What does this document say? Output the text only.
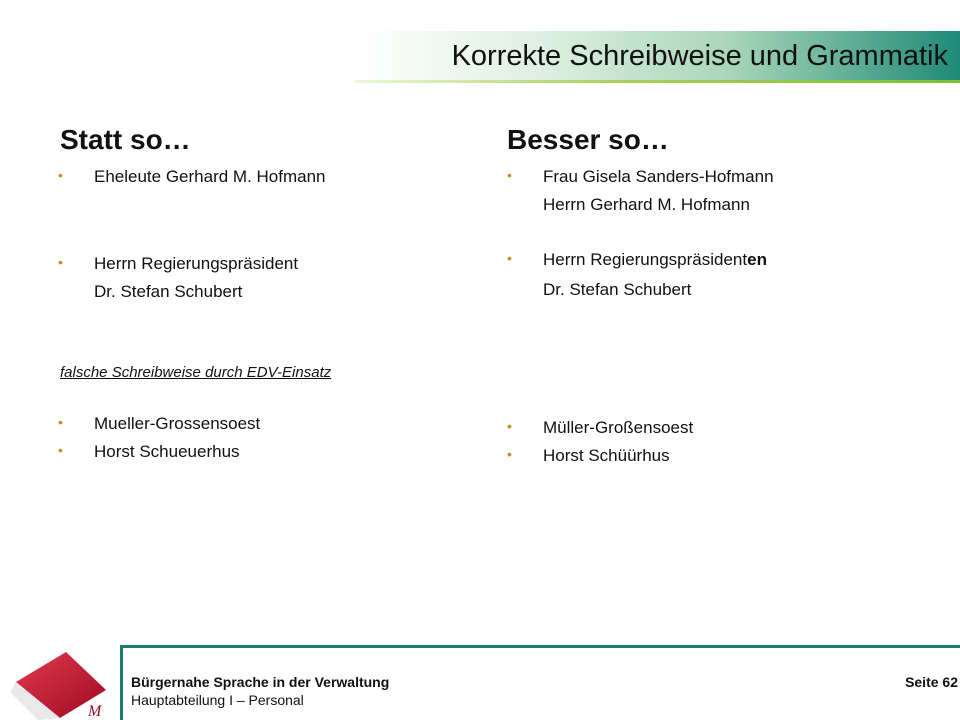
Korrekte Schreibweise und Grammatik
Statt so…
• Eheleute Gerhard M. Hofmann
• Herrn Regierungspräsident
Dr. Stefan Schubert
falsche Schreibweise durch EDV-Einsatz
• Mueller-Grossensoest
• Horst Schueuerhus
Besser so…
• Frau Gisela Sanders-Hofmann
Herrn Gerhard M. Hofmann
• Herrn Regierungspräsidenten
Dr. Stefan Schubert
• Müller-Großensoest
• Horst Schüürhus
M
Bürgernahe Sprache in der Verwaltung
Hauptabteilung I – Personal
Seite 62
